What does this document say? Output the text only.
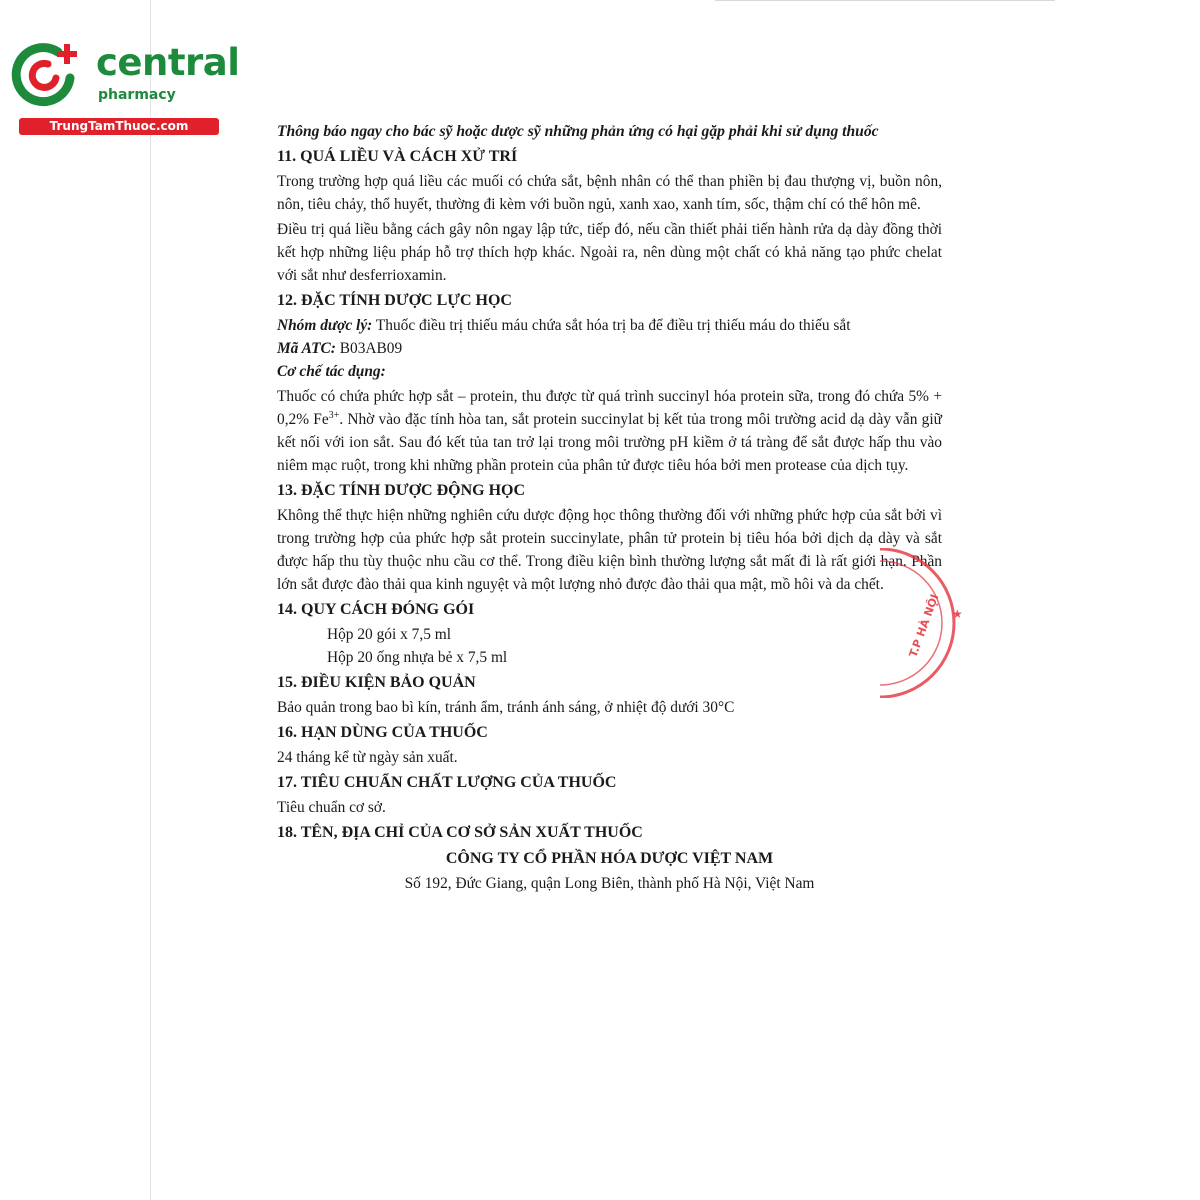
central
pharmacy
TrungTamThuoc.com	Thông báo ngay cho bác sỹ hoặc dược sỹ những phản ứng có hại gặp phải khi sử dụng thuốc
11. QUÁ LIỀU VÀ CÁCH XỬ TRÍ

Trong trường hợp quá liều các muối có chứa sắt, bệnh nhân có thể than phiền bị đau thượng vị, buồn nôn, nôn, tiêu chảy, thổ huyết, thường đi kèm với buồn ngủ, xanh xao, xanh tím, sốc, thậm chí có thể hôn mê.

Điều trị quá liều bằng cách gây nôn ngay lập tức, tiếp đó, nếu cần thiết phải tiến hành rửa dạ dày đồng thời kết hợp những liệu pháp hỗ trợ thích hợp khác. Ngoài ra, nên dùng một chất có khả năng tạo phức chelat với sắt như desferrioxamin.

12. ĐẶC TÍNH DƯỢC LỰC HỌC
Nhóm dược lý: Thuốc điều trị thiếu máu chứa sắt hóa trị ba để điều trị thiếu máu do thiếu sắt
Mã ATC: B03AB09
Cơ chế tác dụng:

Thuốc có chứa phức hợp sắt – protein, thu được từ quá trình succinyl hóa protein sữa, trong đó chứa 5% + 0,2% $Fe^{3+}$. Nhờ vào đặc tính hòa tan, sắt protein succinylat bị kết tủa trong môi trường acid dạ dày vẫn giữ kết nối với ion sắt. Sau đó kết tủa tan trở lại trong môi trường pH kiềm ở tá tràng để sắt được hấp thu vào niêm mạc ruột, trong khi những phần protein của phân tử được tiêu hóa bởi men protease của dịch tụy.

13. ĐẶC TÍNH DƯỢC ĐỘNG HỌC

Không thể thực hiện những nghiên cứu dược động học thông thường đối với những phức hợp của sắt bởi vì trong trường hợp của phức hợp sắt protein succinylate, phân tử protein bị tiêu hóa bởi dịch dạ dày và sắt được hấp thu tùy thuộc nhu cầu cơ thể. Trong điều kiện bình thường lượng sắt mất đi là rất giới hạn. Phần lớn sắt được đào thải qua kinh nguyệt và một lượng nhỏ được đào thải qua mật, mồ hôi và da chết.

14. QUY CÁCH ĐÓNG GÓI
Hộp 20 gói x 7,5 ml
Hộp 20 ống nhựa bẻ x 7,5 ml
15. ĐIỀU KIỆN BẢO QUẢN
Bảo quản trong bao bì kín, tránh ẩm, tránh ánh sáng, ở nhiệt độ dưới 30°C
16. HẠN DÙNG CỦA THUỐC
24 tháng kể từ ngày sản xuất.
17. TIÊU CHUẨN CHẤT LƯỢNG CỦA THUỐC
Tiêu chuẩn cơ sở.
18. TÊN, ĐỊA CHỈ CỦA CƠ SỞ SẢN XUẤT THUỐC
CÔNG TY CỔ PHẦN HÓA DƯỢC VIỆT NAM
Số 192, Đức Giang, quận Long Biên, thành phố Hà Nội, Việt Nam
T.P HÀ NỘI ★
